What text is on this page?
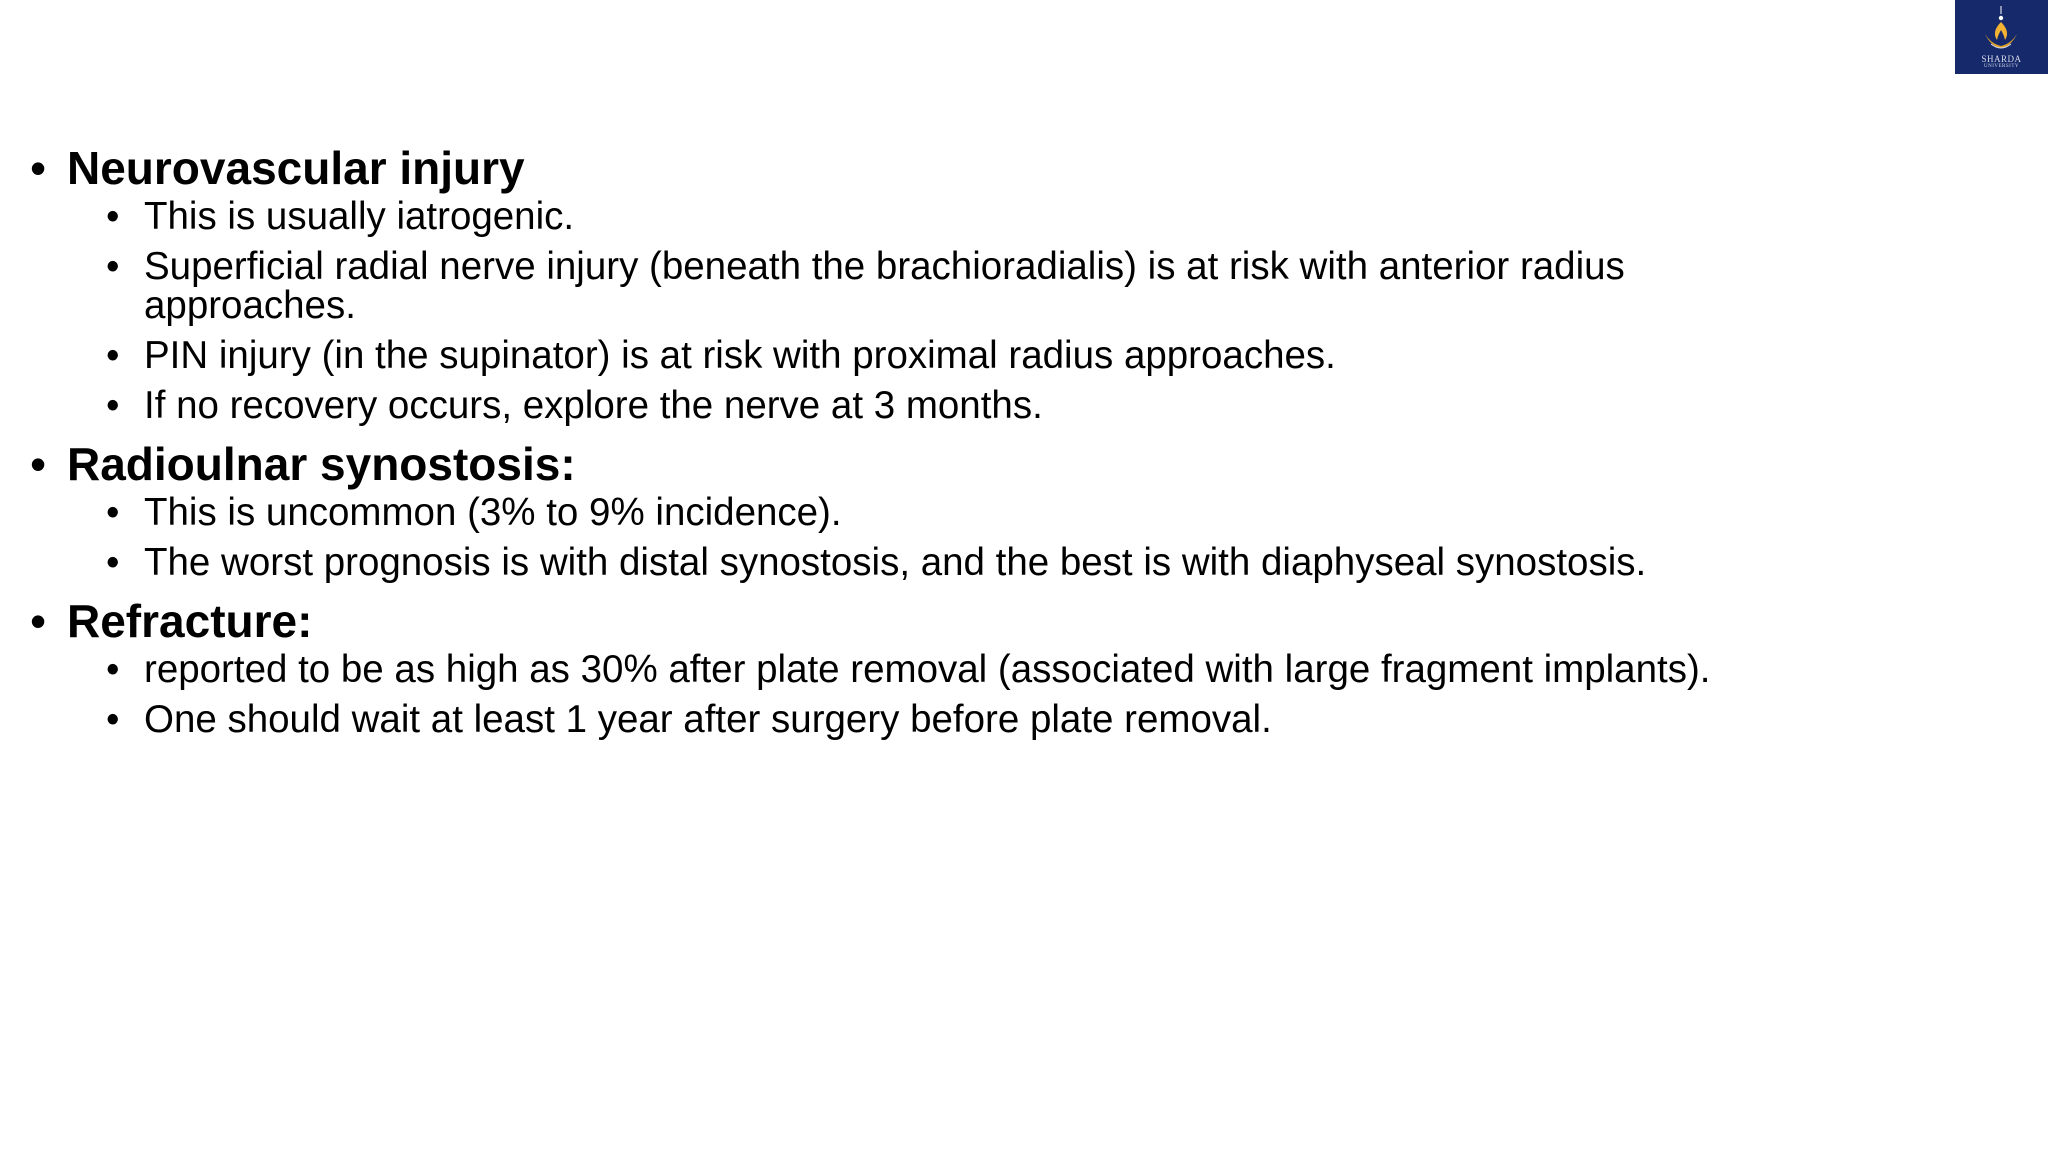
SHARDA
UNIVERSITY
• Neurovascular injury
• This is usually iatrogenic.
• Superficial radial nerve injury (beneath the brachioradialis) is at risk with anterior radius approaches.
• PIN injury (in the supinator) is at risk with proximal radius approaches.
• If no recovery occurs, explore the nerve at 3 months.
• Radioulnar synostosis:
• This is uncommon (3% to 9% incidence).
• The worst prognosis is with distal synostosis, and the best is with diaphyseal synostosis.
• Refracture:
• reported to be as high as 30% after plate removal (associated with large fragment implants).
• One should wait at least 1 year after surgery before plate removal.
